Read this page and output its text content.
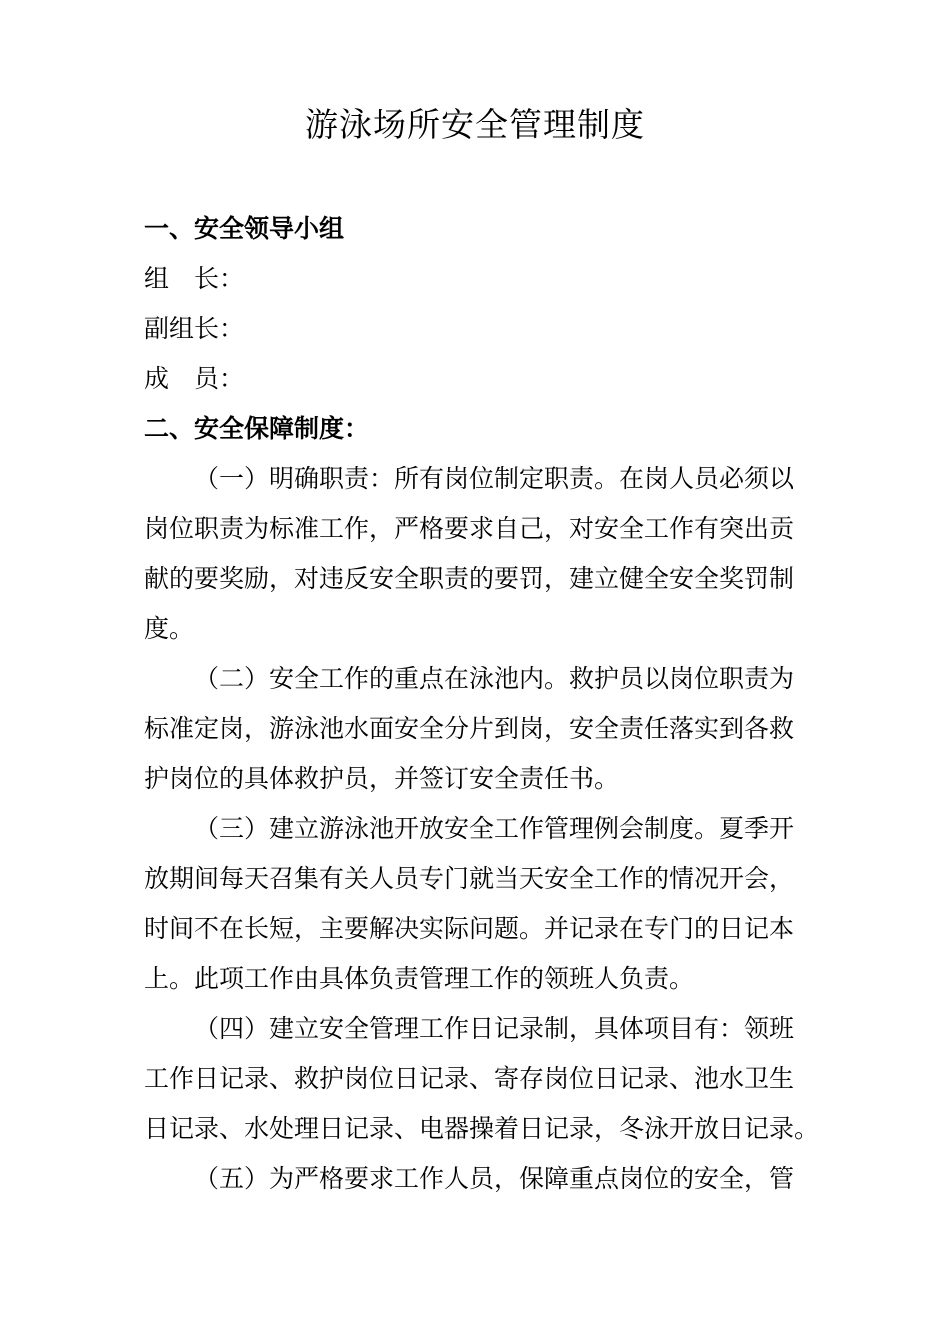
游泳场所安全管理制度
一、安全领导小组
组　长：
副组长：
成　员：
二、安全保障制度：
（一）明确职责：所有岗位制定职责。在岗人员必须以
岗位职责为标准工作，严格要求自己，对安全工作有突出贡
献的要奖励，对违反安全职责的要罚，建立健全安全奖罚制
度。
（二）安全工作的重点在泳池内。救护员以岗位职责为
标准定岗，游泳池水面安全分片到岗，安全责任落实到各救
护岗位的具体救护员，并签订安全责任书。
（三）建立游泳池开放安全工作管理例会制度。夏季开
放期间每天召集有关人员专门就当天安全工作的情况开会，
时间不在长短，主要解决实际问题。并记录在专门的日记本
上。此项工作由具体负责管理工作的领班人负责。
（四）建立安全管理工作日记录制，具体项目有：领班
工作日记录、救护岗位日记录、寄存岗位日记录、池水卫生
日记录、水处理日记录、电器操着日记录，冬泳开放日记录。
（五）为严格要求工作人员，保障重点岗位的安全，管
